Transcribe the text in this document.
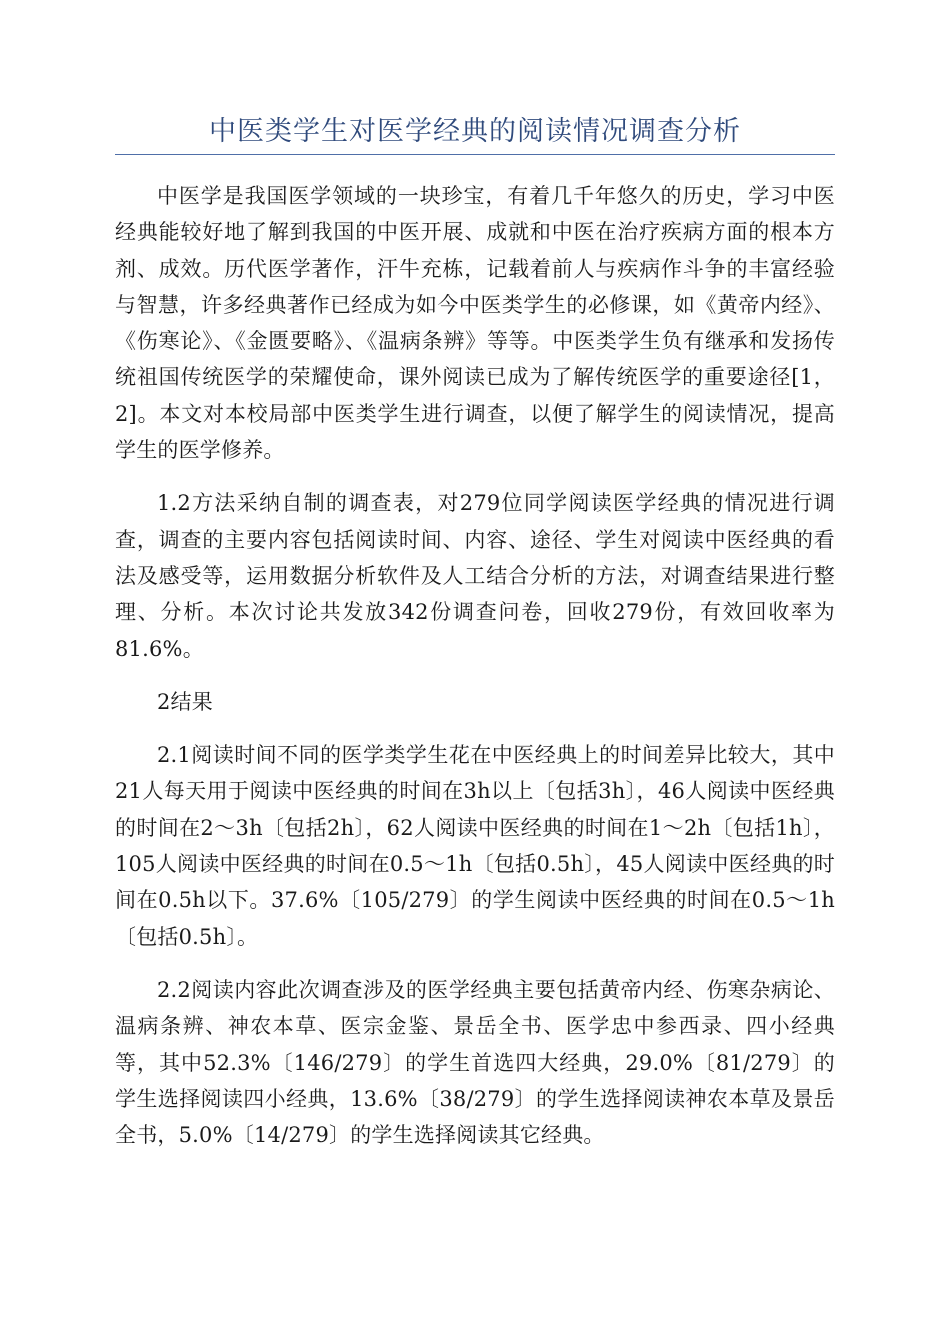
中医类学生对医学经典的阅读情况调查分析

中医学是我国医学领域的一块珍宝，有着几千年悠久的历史，学习中医经典能较好地了解到我国的中医开展、成就和中医在治疗疾病方面的根本方剂、成效。历代医学著作，汗牛充栋，记载着前人与疾病作斗争的丰富经验与智慧，许多经典著作已经成为如今中医类学生的必修课，如《黄帝内经》、《伤寒论》、《金匮要略》、《温病条辨》等等。中医类学生负有继承和发扬传统祖国传统医学的荣耀使命，课外阅读已成为了解传统医学的重要途径[1，2]。本文对本校局部中医类学生进行调查，以便了解学生的阅读情况，提高学生的医学修养。

1.2方法采纳自制的调查表，对279位同学阅读医学经典的情况进行调查，调查的主要内容包括阅读时间、内容、途径、学生对阅读中医经典的看法及感受等，运用数据分析软件及人工结合分析的方法，对调查结果进行整理、分析。本次讨论共发放342份调查问卷，回收279份，有效回收率为81.6%。

2结果

2.1阅读时间不同的医学类学生花在中医经典上的时间差异比较大，其中21人每天用于阅读中医经典的时间在3h以上〔包括3h〕，46人阅读中医经典的时间在2～3h〔包括2h〕，62人阅读中医经典的时间在1～2h〔包括1h〕，105人阅读中医经典的时间在0.5～1h〔包括0.5h〕，45人阅读中医经典的时间在0.5h以下。37.6%〔105/279〕的学生阅读中医经典的时间在0.5～1h〔包括0.5h〕。

2.2阅读内容此次调查涉及的医学经典主要包括黄帝内经、伤寒杂病论、温病条辨、神农本草、医宗金鉴、景岳全书、医学忠中参西录、四小经典等，其中52.3%〔146/279〕的学生首选四大经典，29.0%〔81/279〕的学生选择阅读四小经典，13.6%〔38/279〕的学生选择阅读神农本草及景岳全书，5.0%〔14/279〕的学生选择阅读其它经典。
